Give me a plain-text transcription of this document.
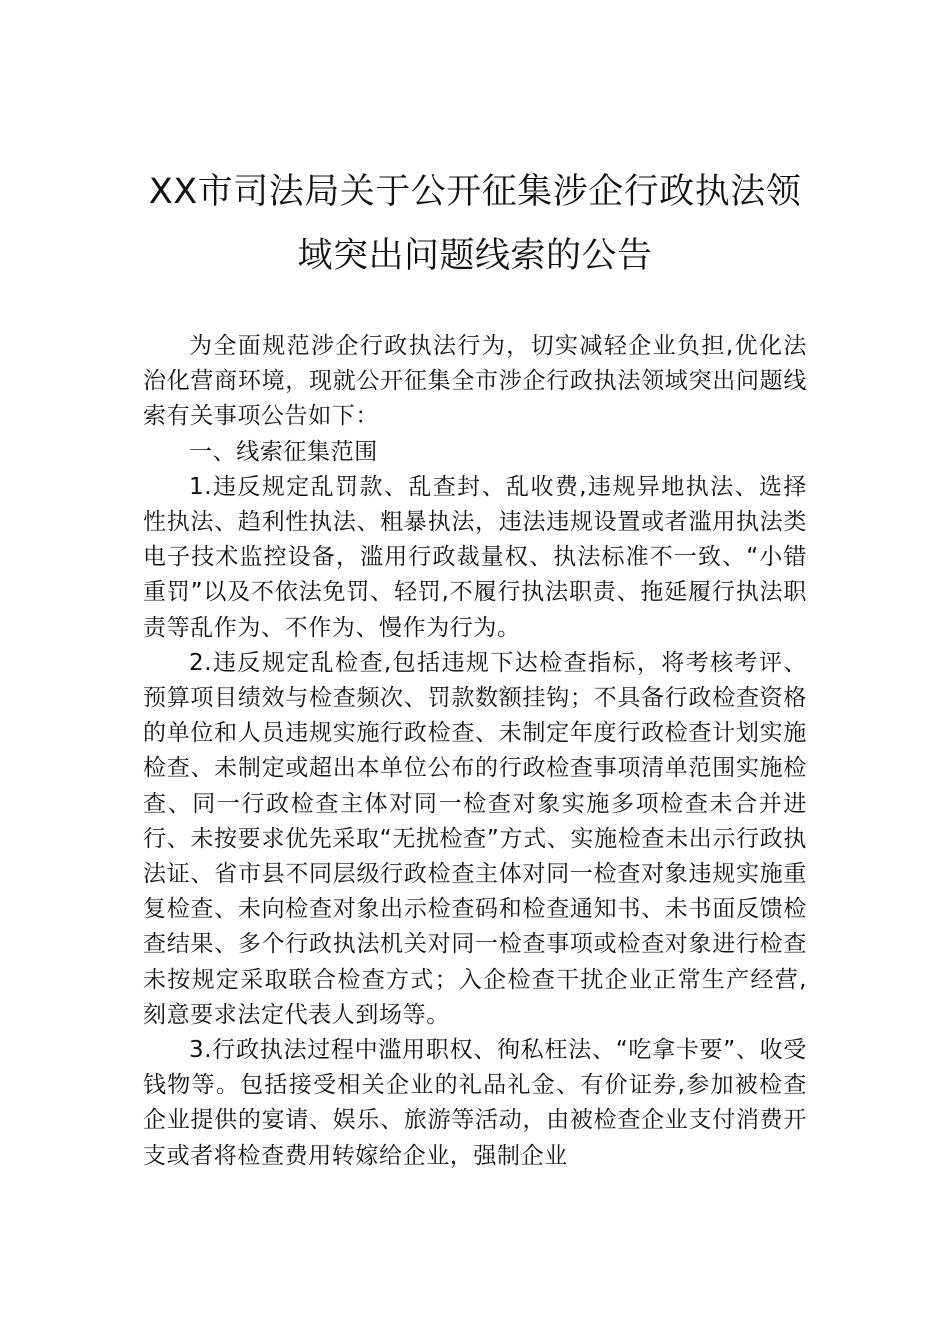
XX市司法局关于公开征集涉企行政执法领
域突出问题线索的公告

为全面规范涉企行政执法行为，切实减轻企业负担,优化法治化营商环境，现就公开征集全市涉企行政执法领域突出问题线索有关事项公告如下：

一、线索征集范围

1.违反规定乱罚款、乱查封、乱收费,违规异地执法、选择性执法、趋利性执法、粗暴执法，违法违规设置或者滥用执法类电子技术监控设备，滥用行政裁量权、执法标准不一致、“小错重罚”以及不依法免罚、轻罚,不履行执法职责、拖延履行执法职责等乱作为、不作为、慢作为行为。

2.违反规定乱检查,包括违规下达检查指标，将考核考评、预算项目绩效与检查频次、罚款数额挂钩；不具备行政检查资格的单位和人员违规实施行政检查、未制定年度行政检查计划实施检查、未制定或超出本单位公布的行政检查事项清单范围实施检查、同一行政检查主体对同一检查对象实施多项检查未合并进行、未按要求优先采取“无扰检查”方式、实施检查未出示行政执法证、省市县不同层级行政检查主体对同一检查对象违规实施重复检查、未向检查对象出示检查码和检查通知书、未书面反馈检查结果、多个行政执法机关对同一检查事项或检查对象进行检查未按规定采取联合检查方式；入企检查干扰企业正常生产经营,刻意要求法定代表人到场等。

3.行政执法过程中滥用职权、徇私枉法、“吃拿卡要”、收受钱物等。包括接受相关企业的礼品礼金、有价证券,参加被检查企业提供的宴请、娱乐、旅游等活动，由被检查企业支付消费开支或者将检查费用转嫁给企业，强制企业
